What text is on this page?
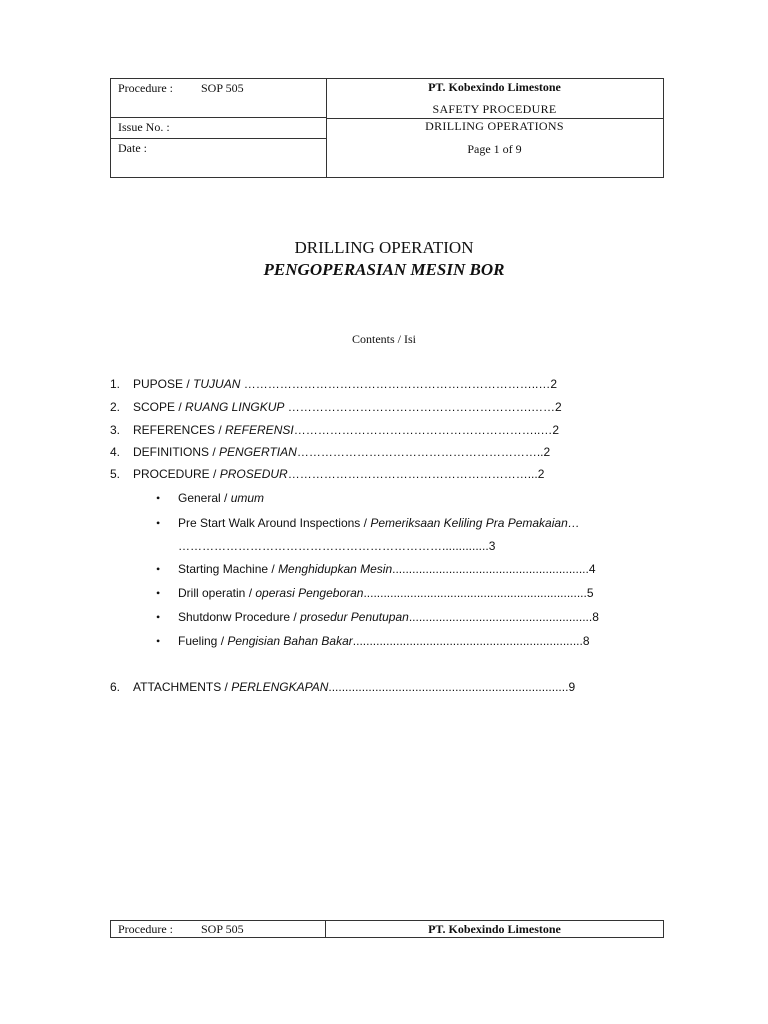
Procedure : SOP 505
Issue No. :
Date :
PT. Kobexindo Limestone
SAFETY PROCEDURE
DRILLING OPERATIONS
Page 1 of 9
DRILLING OPERATION
PENGOPERASIAN MESIN BOR
Contents / Isi
1. PUPOSE / TUJUAN ………………………………………………………………..…2
2. SCOPE / RUANG LINGKUP …………………………………………………….……2
3. REFERENCES / REFERENSI……………………………………………………..…2
4. DEFINITIONS / PENGERTIAN……………………………………………………..2
5. PROCEDURE / PROSEDUR……………………………………………………...2
• General / umum
• Pre Start Walk Around Inspections / Pemeriksaan Keliling Pra Pemakaian…
…………………………………………………………..............3
• Starting Machine / Menghidupkan Mesin...........................................................4
• Drill operatin / operasi Pengeboran...................................................................5
• Shutdonw Procedure / prosedur Penutupan.......................................................8
• Fueling / Pengisian Bahan Bakar.....................................................................8
6. ATTACHMENTS / PERLENGKAPAN........................................................................9
Procedure : SOP 505	PT. Kobexindo Limestone
